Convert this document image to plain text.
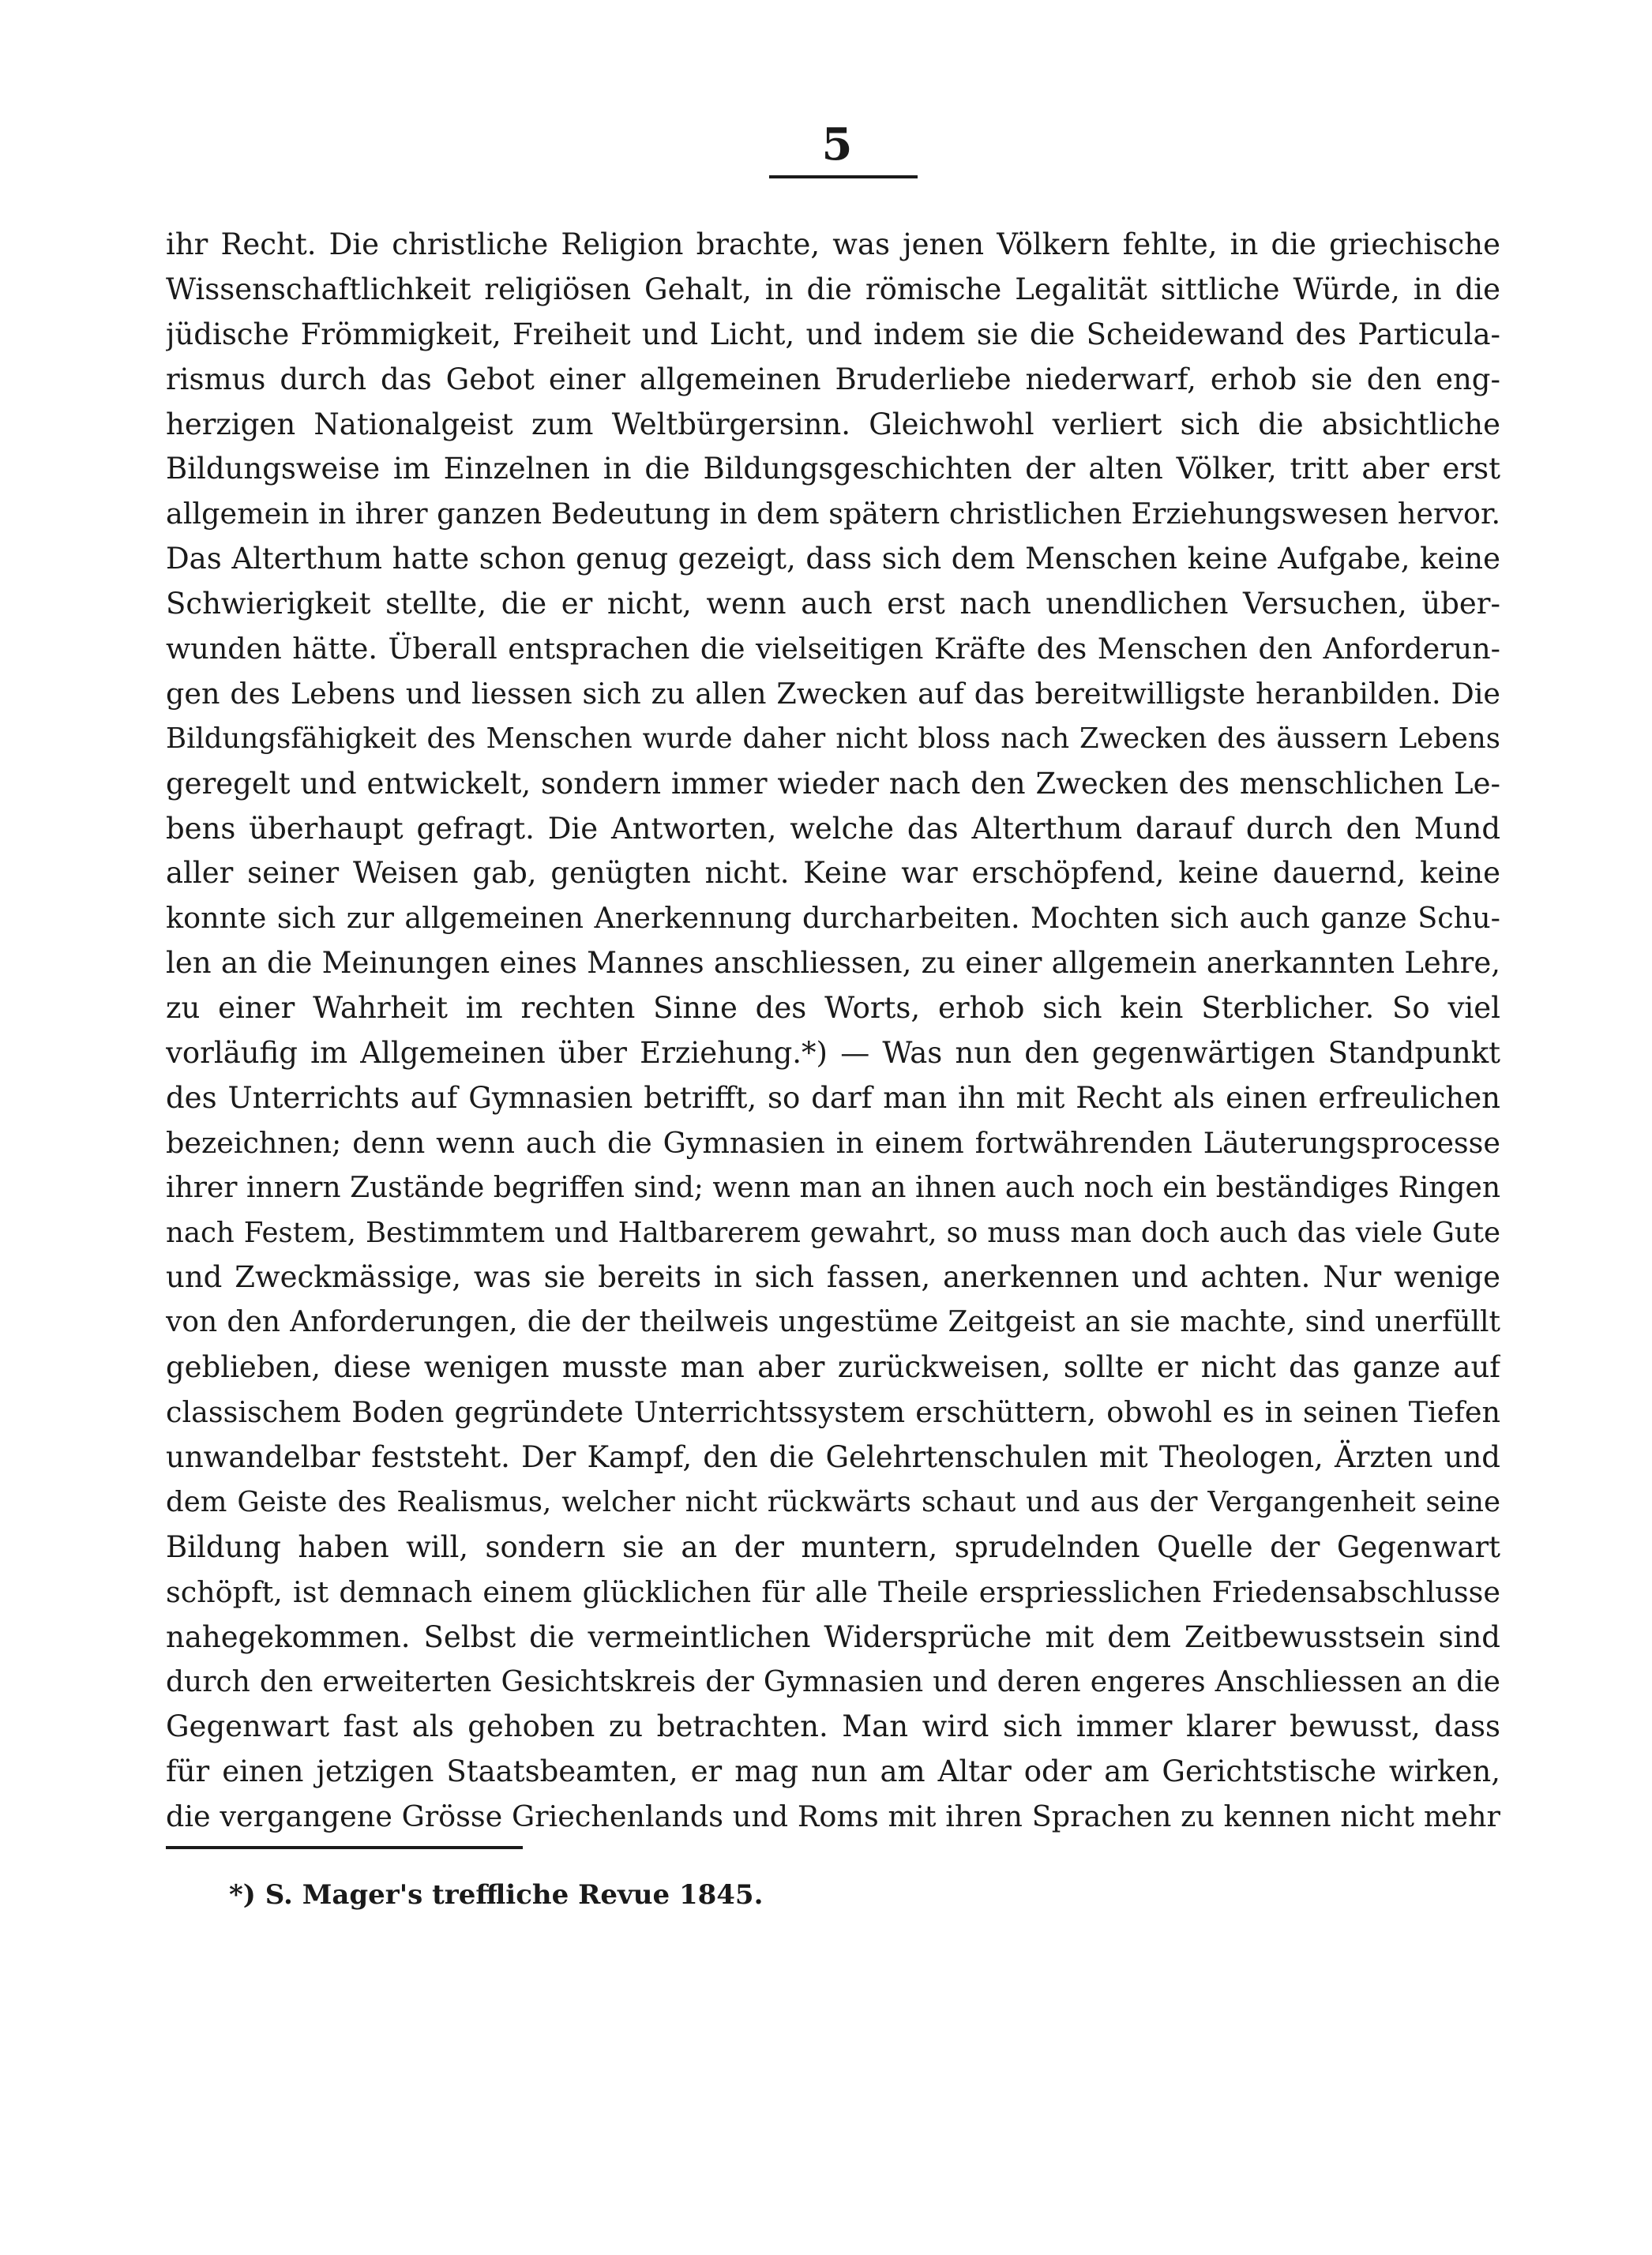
5
ihr Recht. Die christliche Religion brachte, was jenen Völkern fehlte, in die griechische
Wissenschaftlichkeit religiösen Gehalt, in die römische Legalität sittliche Würde, in die
jüdische Frömmigkeit, Freiheit und Licht, und indem sie die Scheidewand des Particula-
rismus durch das Gebot einer allgemeinen Bruderliebe niederwarf, erhob sie den eng-
herzigen Nationalgeist zum Weltbürgersinn. Gleichwohl verliert sich die absichtliche
Bildungsweise im Einzelnen in die Bildungsgeschichten der alten Völker, tritt aber erst
allgemein in ihrer ganzen Bedeutung in dem spätern christlichen Erziehungswesen hervor.
Das Alterthum hatte schon genug gezeigt, dass sich dem Menschen keine Aufgabe, keine
Schwierigkeit stellte, die er nicht, wenn auch erst nach unendlichen Versuchen, über-
wunden hätte. Überall entsprachen die vielseitigen Kräfte des Menschen den Anforderun-
gen des Lebens und liessen sich zu allen Zwecken auf das bereitwilligste heranbilden. Die
Bildungsfähigkeit des Menschen wurde daher nicht bloss nach Zwecken des äussern Lebens
geregelt und entwickelt, sondern immer wieder nach den Zwecken des menschlichen Le-
bens überhaupt gefragt. Die Antworten, welche das Alterthum darauf durch den Mund
aller seiner Weisen gab, genügten nicht. Keine war erschöpfend, keine dauernd, keine
konnte sich zur allgemeinen Anerkennung durcharbeiten. Mochten sich auch ganze Schu-
len an die Meinungen eines Mannes anschliessen, zu einer allgemein anerkannten Lehre,
zu einer Wahrheit im rechten Sinne des Worts, erhob sich kein Sterblicher. So viel
vorläufig im Allgemeinen über Erziehung.*) — Was nun den gegenwärtigen Standpunkt
des Unterrichts auf Gymnasien betrifft, so darf man ihn mit Recht als einen erfreulichen
bezeichnen; denn wenn auch die Gymnasien in einem fortwährenden Läuterungsprocesse
ihrer innern Zustände begriffen sind; wenn man an ihnen auch noch ein beständiges Ringen
nach Festem, Bestimmtem und Haltbarerem gewahrt, so muss man doch auch das viele Gute
und Zweckmässige, was sie bereits in sich fassen, anerkennen und achten. Nur wenige
von den Anforderungen, die der theilweis ungestüme Zeitgeist an sie machte, sind unerfüllt
geblieben, diese wenigen musste man aber zurückweisen, sollte er nicht das ganze auf
classischem Boden gegründete Unterrichtssystem erschüttern, obwohl es in seinen Tiefen
unwandelbar feststeht. Der Kampf, den die Gelehrtenschulen mit Theologen, Ärzten und
dem Geiste des Realismus, welcher nicht rückwärts schaut und aus der Vergangenheit seine
Bildung haben will, sondern sie an der muntern, sprudelnden Quelle der Gegenwart
schöpft, ist demnach einem glücklichen für alle Theile erspriesslichen Friedensabschlusse
nahegekommen. Selbst die vermeintlichen Widersprüche mit dem Zeitbewusstsein sind
durch den erweiterten Gesichtskreis der Gymnasien und deren engeres Anschliessen an die
Gegenwart fast als gehoben zu betrachten. Man wird sich immer klarer bewusst, dass
für einen jetzigen Staatsbeamten, er mag nun am Altar oder am Gerichtstische wirken,
die vergangene Grösse Griechenlands und Roms mit ihren Sprachen zu kennen nicht mehr
*) S. Mager's treffliche Revue 1845.
